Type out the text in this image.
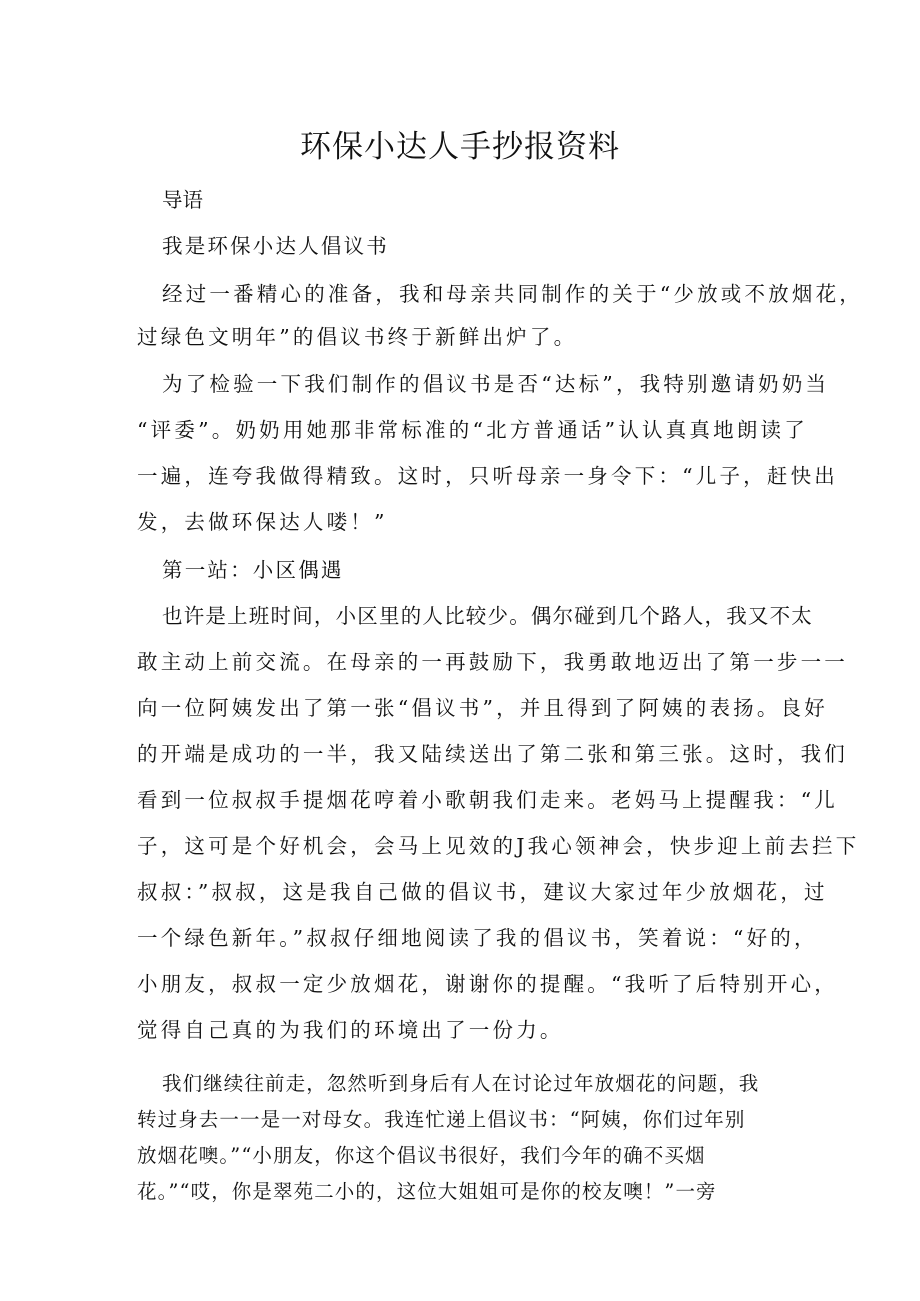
环保小达人手抄报资料
导语
我是环保小达人倡议书
经过一番精心的准备，我和母亲共同制作的关于“少放或不放烟花，
过绿色文明年”的倡议书终于新鲜出炉了。
为了检验一下我们制作的倡议书是否“达标”，我特别邀请奶奶当
“评委”。奶奶用她那非常标准的“北方普通话”认认真真地朗读了
一遍，连夸我做得精致。这时，只听母亲一身令下：“儿子，赶快出
发，去做环保达人喽！”
第一站：小区偶遇
也许是上班时间，小区里的人比较少。偶尔碰到几个路人，我又不太
敢主动上前交流。在母亲的一再鼓励下，我勇敢地迈出了第一步一一
向一位阿姨发出了第一张“倡议书”，并且得到了阿姨的表扬。良好
的开端是成功的一半，我又陆续送出了第二张和第三张。这时，我们
看到一位叔叔手提烟花哼着小歌朝我们走来。老妈马上提醒我：“儿
子，这可是个好机会，会马上见效的J我心领神会，快步迎上前去拦下
叔叔：”叔叔，这是我自己做的倡议书，建议大家过年少放烟花，过
一个绿色新年。”叔叔仔细地阅读了我的倡议书，笑着说：“好的，
小朋友，叔叔一定少放烟花，谢谢你的提醒。“我听了后特别开心，
觉得自己真的为我们的环境出了一份力。
我们继续往前走，忽然听到身后有人在讨论过年放烟花的问题，我
转过身去一一是一对母女。我连忙递上倡议书：“阿姨，你们过年别
放烟花噢。”“小朋友，你这个倡议书很好，我们今年的确不买烟
花。”“哎，你是翠苑二小的，这位大姐姐可是你的校友噢！”一旁
